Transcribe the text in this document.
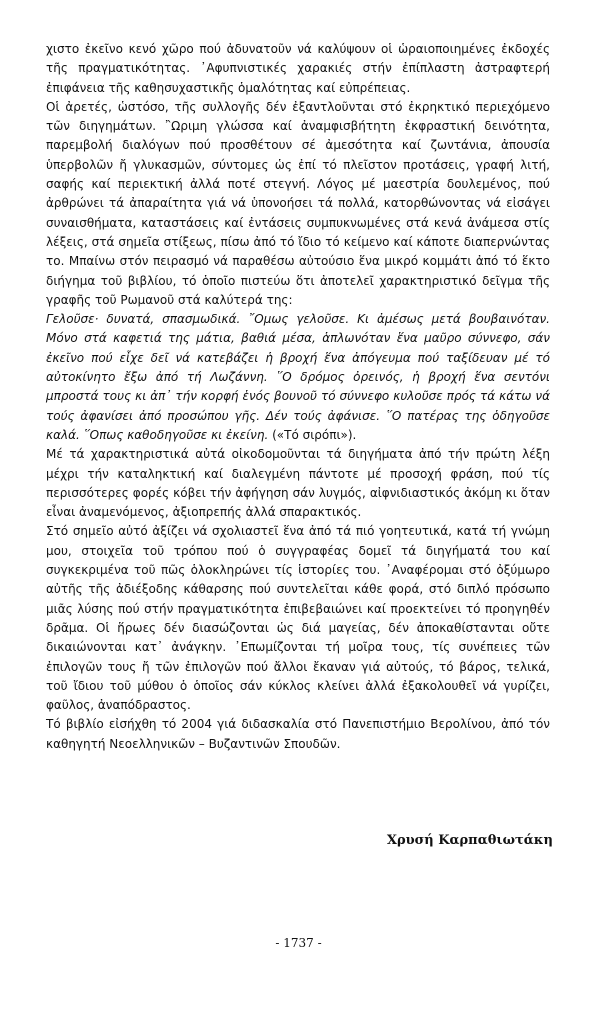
χιστο ἐκεῖνο κενό χῶρο πού ἀδυνατοῦν νά καλύψουν οἱ ὡραιοποιημένες ἐκδοχές τῆς πραγματικότητας. ᾽Αφυπνιστικές χαρακιές στήν ἐπίπλαστη ἀστραφτερή ἐπιφάνεια τῆς καθησυχαστικῆς ὁμαλότητας καί εὐπρέπειας.

Οἱ ἀρετές, ὡστόσο, τῆς συλλογῆς δέν ἐξαντλοῦνται στό ἐκρηκτικό περιεχόμενο τῶν διηγημάτων. ῍Ωριμη γλώσσα καί ἀναμφισβήτητη ἐκφραστική δεινότητα, παρεμβολή διαλόγων πού προσθέτουν σέ ἀμεσότητα καί ζωντάνια, ἀπουσία ὑπερβολῶν ἤ γλυκασμῶν, σύντομες ὡς ἐπί τό πλεῖστον προτάσεις, γραφή λιτή, σαφής καί περιεκτική ἀλλά ποτέ στεγνή. Λόγος μέ μαεστρία δουλεμένος, πού ἀρθρώνει τά ἀπαραίτητα γιά νά ὑπονοήσει τά πολλά, κατορθώνοντας νά εἰσάγει συναισθήματα, καταστάσεις καί ἐντάσεις συμπυκνωμένες στά κενά ἀνάμεσα στίς λέξεις, στά σημεῖα στίξεως, πίσω ἀπό τό ἴδιο τό κείμενο καί κάποτε διαπερνώντας το. Μπαίνω στόν πειρασμό νά παραθέσω αὐτούσιο ἕνα μικρό κομμάτι ἀπό τό ἕκτο διήγημα τοῦ βιβλίου, τό ὁποῖο πιστεύω ὅτι ἀποτελεῖ χαρακτηριστικό δεῖγμα τῆς γραφῆς τοῦ Ρωμανοῦ στά καλύτερά της:

Γελοῦσε· δυνατά, σπασμωδικά. ῎Ομως γελοῦσε. Κι ἀμέσως μετά βουβαινόταν. Μόνο στά καφετιά της μάτια, βαθιά μέσα, ἁπλωνόταν ἕνα μαῦρο σύννεφο, σάν ἐκεῖνο πού εἶχε δεῖ νά κατεβάζει ἡ βροχή ἕνα ἀπόγευμα πού ταξίδευαν μέ τό αὐτοκίνητο ἔξω ἀπό τή Λωζάννη. ῞Ο δρόμος ὀρεινός, ἡ βροχή ἕνα σεντόνι μπροστά τους κι ἀπ᾽ τήν κορφή ἑνός βουνοῦ τό σύννεφο κυλοῦσε πρός τά κάτω νά τούς ἀφανίσει ἀπό προσώπου γῆς. Δέν τούς ἀφάνισε. ῞Ο πατέρας της ὁδηγοῦσε καλά. ῞Οπως καθοδηγοῦσε κι ἐκείνη. («Τό σιρόπι»).

Μέ τά χαρακτηριστικά αὐτά οἰκοδομοῦνται τά διηγήματα ἀπό τήν πρώτη λέξη μέχρι τήν καταληκτική καί διαλεγμένη πάντοτε μέ προσοχή φράση, πού τίς περισσότερες φορές κόβει τήν ἀφήγηση σάν λυγμός, αἰφνιδιαστικός ἀκόμη κι ὅταν εἶναι ἀναμενόμενος, ἀξιοπρεπής ἀλλά σπαρακτικός.

Στό σημεῖο αὐτό ἀξίζει νά σχολιαστεῖ ἕνα ἀπό τά πιό γοητευτικά, κατά τή γνώμη μου, στοιχεῖα τοῦ τρόπου πού ὁ συγγραφέας δομεῖ τά διηγήματά του καί συγκεκριμένα τοῦ πῶς ὁλοκληρώνει τίς ἱστορίες του. ᾽Αναφέρομαι στό ὀξύμωρο αὐτῆς τῆς ἀδιέξοδης κάθαρσης πού συντελεῖται κάθε φορά, στό διπλό πρόσωπο μιᾶς λύσης πού στήν πραγματικότητα ἐπιβεβαιώνει καί προεκτείνει τό προηγηθέν δρᾶμα. Οἱ ἥρωες δέν διασώζονται ὡς διά μαγείας, δέν ἀποκαθίστανται οὔτε δικαιώνονται κατ᾽ ἀνάγκην. ᾽Επωμίζονται τή μοῖρα τους, τίς συνέπειες τῶν ἐπιλογῶν τους ἤ τῶν ἐπιλογῶν πού ἄλλοι ἔκαναν γιά αὐτούς, τό βάρος, τελικά, τοῦ ἴδιου τοῦ μύθου ὁ ὁποῖος σάν κύκλος κλείνει ἀλλά ἐξακολουθεῖ νά γυρίζει, φαῦλος, ἀναπόδραστος.

Τό βιβλίο εἰσήχθη τό 2004 γιά διδασκαλία στό Πανεπιστήμιο Βερολίνου, ἀπό τόν καθηγητή Νεοελληνικῶν – Βυζαντινῶν Σπουδῶν.

Χρυσή Καρπαθιωτάκη
- 1737 -
